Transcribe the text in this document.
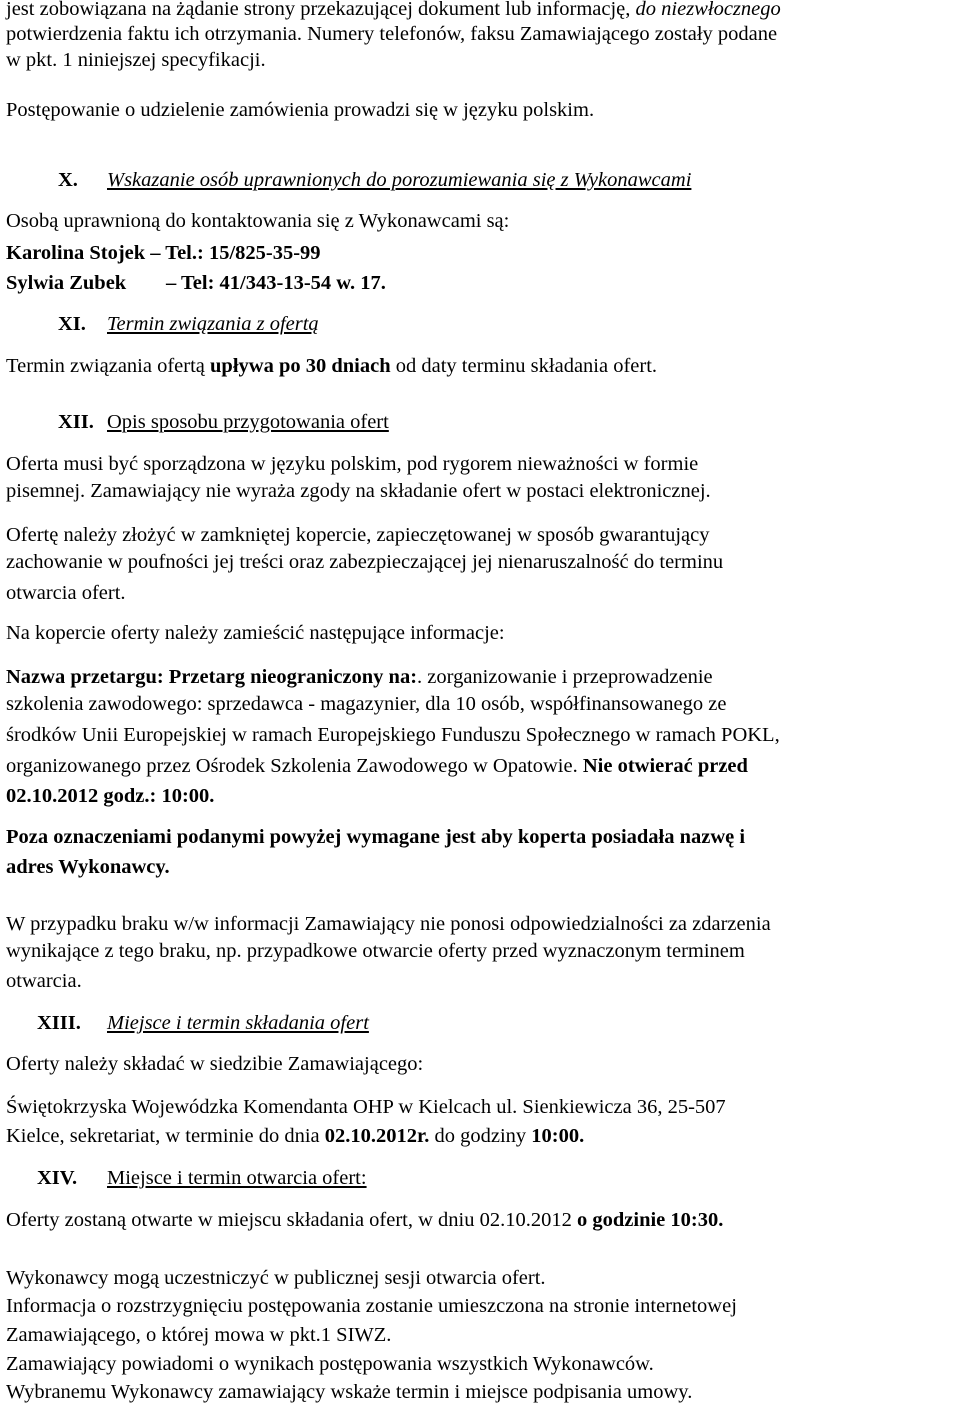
jest zobowiązana na żądanie strony przekazującej dokument lub informację, do niezwłocznego
potwierdzenia faktu ich otrzymania. Numery telefonów, faksu Zamawiającego zostały podane
w pkt. 1 niniejszej specyfikacji.
Postępowanie o udzielenie zamówienia prowadzi się w języku polskim.
X. Wskazanie osób uprawnionych do porozumiewania się z Wykonawcami
Osobą uprawnioną do kontaktowania się z Wykonawcami są:
Karolina Stojek – Tel.: 15/825-35-99
Sylwia Zubek – Tel: 41/343-13-54 w. 17.
XI. Termin związania z ofertą
Termin związania ofertą upływa po 30 dniach od daty terminu składania ofert.
XII. Opis sposobu przygotowania ofert
Oferta musi być sporządzona w języku polskim, pod rygorem nieważności w formie
pisemnej. Zamawiający nie wyraża zgody na składanie ofert w postaci elektronicznej.
Ofertę należy złożyć w zamkniętej kopercie, zapieczętowanej w sposób gwarantujący
zachowanie w poufności jej treści oraz zabezpieczającej jej nienaruszalność do terminu
otwarcia ofert.
Na kopercie oferty należy zamieścić następujące informacje:
Nazwa przetargu: Przetarg nieograniczony na:. zorganizowanie i przeprowadzenie
szkolenia zawodowego: sprzedawca - magazynier, dla 10 osób, współfinansowanego ze
środków Unii Europejskiej w ramach Europejskiego Funduszu Społecznego w ramach POKL,
organizowanego przez Ośrodek Szkolenia Zawodowego w Opatowie. Nie otwierać przed
02.10.2012 godz.: 10:00.
Poza oznaczeniami podanymi powyżej wymagane jest aby koperta posiadała nazwę i
adres Wykonawcy.
W przypadku braku w/w informacji Zamawiający nie ponosi odpowiedzialności za zdarzenia
wynikające z tego braku, np. przypadkowe otwarcie oferty przed wyznaczonym terminem
otwarcia.
XIII. Miejsce i termin składania ofert
Oferty należy składać w siedzibie Zamawiającego:
Świętokrzyska Wojewódzka Komendanta OHP w Kielcach ul. Sienkiewicza 36, 25-507
Kielce, sekretariat, w terminie do dnia 02.10.2012r. do godziny 10:00.
XIV. Miejsce i termin otwarcia ofert:
Oferty zostaną otwarte w miejscu składania ofert, w dniu 02.10.2012 o godzinie 10:30.
Wykonawcy mogą uczestniczyć w publicznej sesji otwarcia ofert.
Informacja o rozstrzygnięciu postępowania zostanie umieszczona na stronie internetowej
Zamawiającego, o której mowa w pkt.1 SIWZ.
Zamawiający powiadomi o wynikach postępowania wszystkich Wykonawców.
Wybranemu Wykonawcy zamawiający wskaże termin i miejsce podpisania umowy.
